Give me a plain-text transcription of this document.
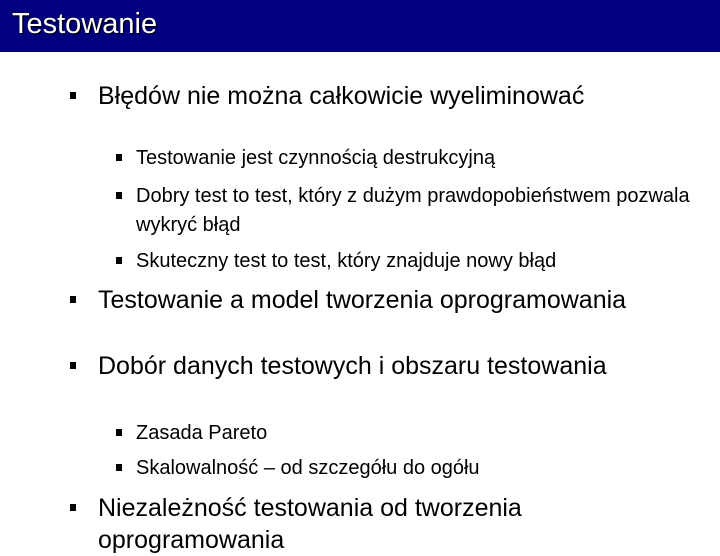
Testowanie
Błędów nie można całkowicie wyeliminować
Testowanie jest czynnością destrukcyjną
Dobry test to test, który z dużym prawdopobieństwem pozwala wykryć błąd
Skuteczny test to test, który znajduje nowy błąd
Testowanie a model tworzenia oprogramowania
Dobór danych testowych i obszaru testowania
Zasada Pareto
Skalowalność – od szczegółu do ogółu
Niezależność testowania od tworzenia oprogramowania
